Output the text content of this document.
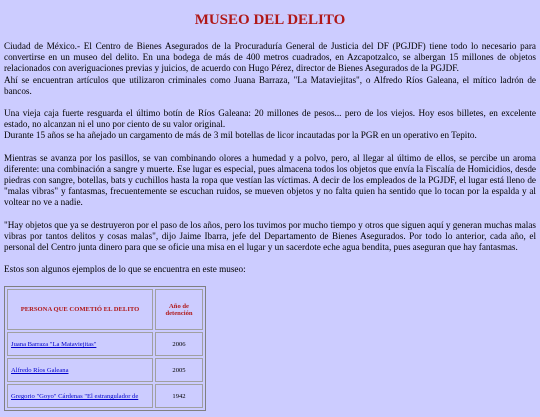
MUSEO DEL DELITO

Ciudad de México.- El Centro de Bienes Asegurados de la Procuraduría General de Justicia del DF (PGJDF) tiene todo lo necesario para convertirse en un museo del delito. En una bodega de más de 400 metros cuadrados, en Azcapotzalco, se albergan 15 millones de objetos relacionados con averiguaciones previas y juicios, de acuerdo con Hugo Pérez, director de Bienes Asegurados de la PGJDF.
Ahí se encuentran artículos que utilizaron criminales como Juana Barraza, "La Mataviejitas", o Alfredo Ríos Galeana, el mítico ladrón de bancos.

Una vieja caja fuerte resguarda el último botín de Ríos Galeana: 20 millones de pesos... pero de los viejos. Hoy esos billetes, en excelente estado, no alcanzan ni el uno por ciento de su valor original.
Durante 15 años se ha añejado un cargamento de más de 3 mil botellas de licor incautadas por la PGR en un operativo en Tepito.

Mientras se avanza por los pasillos, se van combinando olores a humedad y a polvo, pero, al llegar al último de ellos, se percibe un aroma diferente: una combinación a sangre y muerte. Ese lugar es especial, pues almacena todos los objetos que envía la Fiscalía de Homicidios, desde piedras con sangre, botellas, bats y cuchillos hasta la ropa que vestían las víctimas. A decir de los empleados de la PGJDF, el lugar está lleno de "malas vibras" y fantasmas, frecuentemente se escuchan ruidos, se mueven objetos y no falta quien ha sentido que lo tocan por la espalda y al voltear no ve a nadie.

"Hay objetos que ya se destruyeron por el paso de los años, pero los tuvimos por mucho tiempo y otros que siguen aquí y generan muchas malas vibras por tantos delitos y cosas malas", dijo Jaime Ibarra, jefe del Departamento de Bienes Asegurados. Por todo lo anterior, cada año, el personal del Centro junta dinero para que se oficie una misa en el lugar y un sacerdote eche agua bendita, pues aseguran que hay fantasmas.

Estos son algunos ejemplos de lo que se encuentra en este museo:

PERSONA QUE COMETIÓ EL DELITO	Año de detención
Juana Barraza "La Mataviejitas"	2006
Alfredo Ríos Galeana	2005
Gregorio "Goyo" Cárdenas "El estrangulador de	1942
